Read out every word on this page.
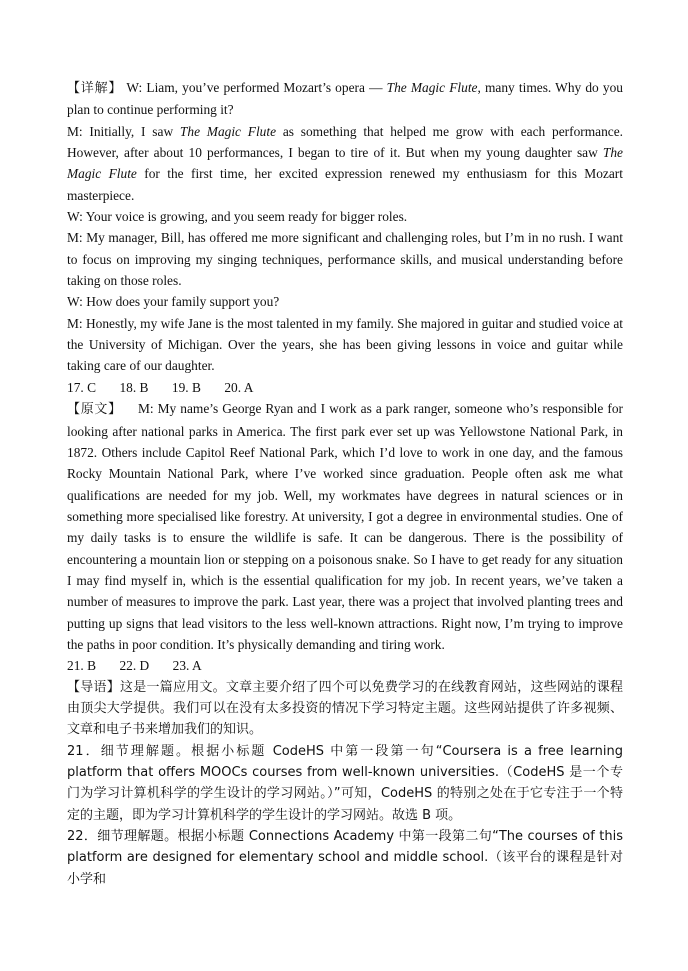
【详解】 W: Liam, you’ve performed Mozart’s opera — The Magic Flute, many times. Why do you plan to continue performing it?

M: Initially, I saw The Magic Flute as something that helped me grow with each performance. However, after about 10 performances, I began to tire of it. But when my young daughter saw The Magic Flute for the first time, her excited expression renewed my enthusiasm for this Mozart masterpiece.

W: Your voice is growing, and you seem ready for bigger roles.

M: My manager, Bill, has offered me more significant and challenging roles, but I’m in no rush. I want to focus on improving my singing techniques, performance skills, and musical understanding before taking on those roles.

W: How does your family support you?

M: Honestly, my wife Jane is the most talented in my family. She majored in guitar and studied voice at the University of Michigan. Over the years, she has been giving lessons in voice and guitar while taking care of our daughter.

17. C       18. B       19. B       20. A

【原文】 M: My name’s George Ryan and I work as a park ranger, someone who’s responsible for looking after national parks in America. The first park ever set up was Yellowstone National Park, in 1872. Others include Capitol Reef National Park, which I’d love to work in one day, and the famous Rocky Mountain National Park, where I’ve worked since graduation. People often ask me what qualifications are needed for my job. Well, my workmates have degrees in natural sciences or in something more specialised like forestry. At university, I got a degree in environmental studies. One of my daily tasks is to ensure the wildlife is safe. It can be dangerous. There is the possibility of encountering a mountain lion or stepping on a poisonous snake. So I have to get ready for any situation I may find myself in, which is the essential qualification for my job. In recent years, we’ve taken a number of measures to improve the park. Last year, there was a project that involved planting trees and putting up signs that lead visitors to the less well-known attractions. Right now, I’m trying to improve the paths in poor condition. It’s physically demanding and tiring work.

21. B       22. D       23. A

【导语】这是一篇应用文。文章主要介绍了四个可以免费学习的在线教育网站，这些网站的课程由顶尖大学提供。我们可以在没有太多投资的情况下学习特定主题。这些网站提供了许多视频、文章和电子书来增加我们的知识。

21．细节理解题。根据小标题 CodeHS 中第一段第一句“Coursera is a free learning platform that offers MOOCs courses from well-known universities.（CodeHS 是一个专门为学习计算机科学的学生设计的学习网站。）”可知，CodeHS 的特别之处在于它专注于一个特定的主题，即为学习计算机科学的学生设计的学习网站。故选 B 项。

22．细节理解题。根据小标题 Connections Academy 中第一段第二句“The courses of this platform are designed for elementary school and middle school.（该平台的课程是针对小学和
